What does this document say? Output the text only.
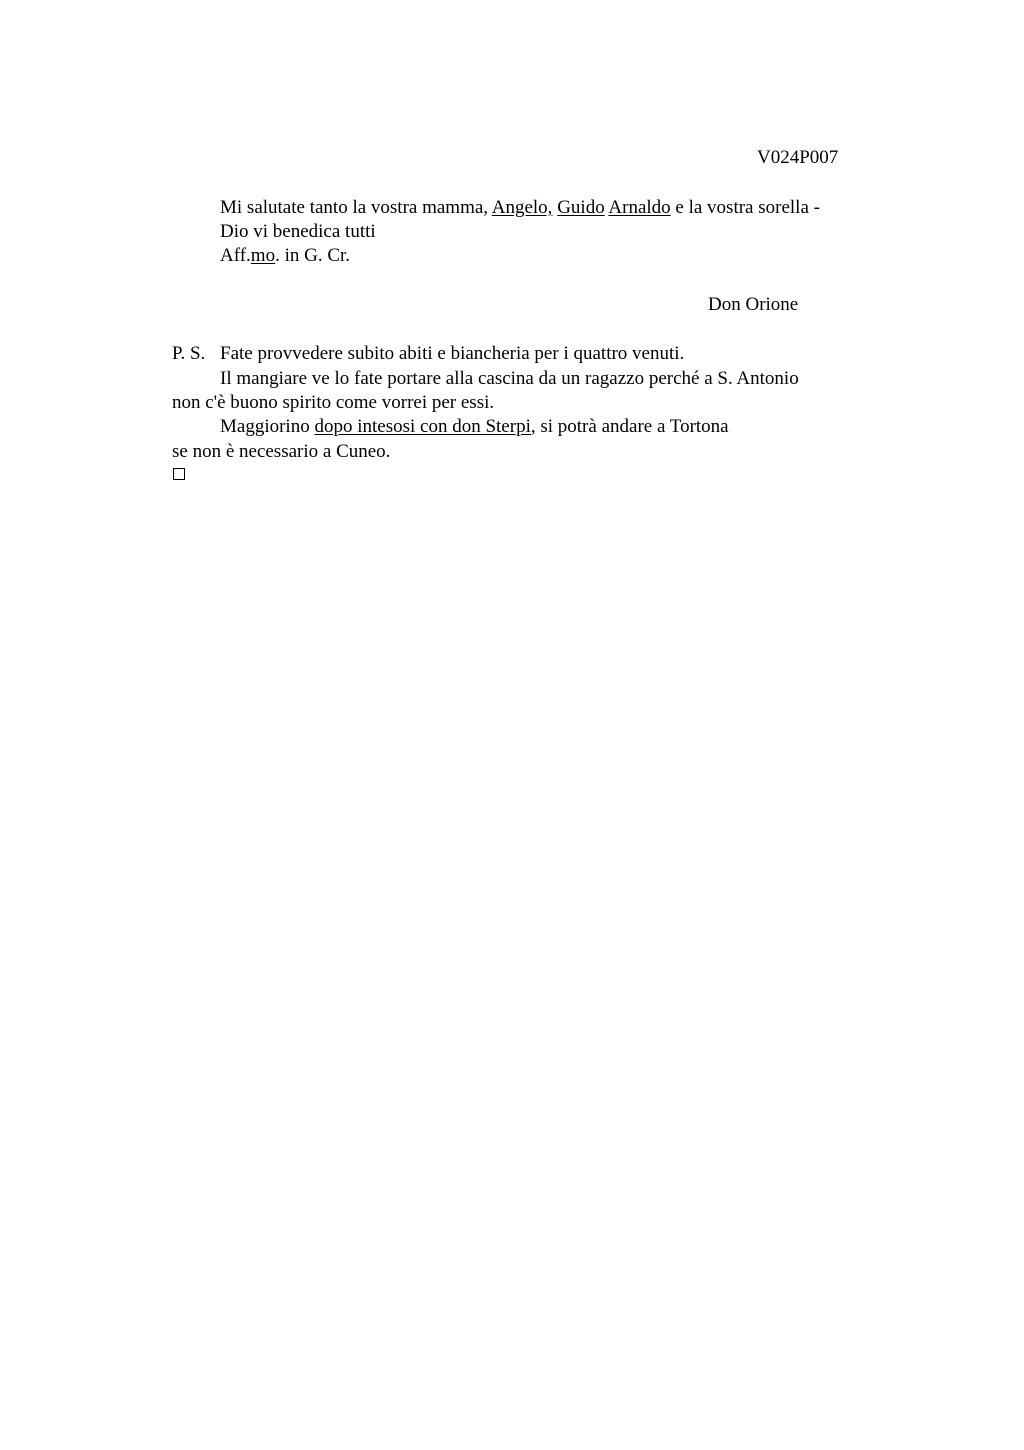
V024P007
Mi salutate tanto la vostra mamma, Angelo, Guido Arnaldo e la vostra sorella -
Dio vi benedica tutti
Aff.mo. in G. Cr.
Don Orione
P. S. Fate provvedere subito abiti e biancheria per i quattro venuti.
Il mangiare ve lo fate portare alla cascina da un ragazzo perché a S. Antonio
non c'è buono spirito come vorrei per essi.
Maggiorino dopo intesosi con don Sterpi, si potrà andare a Tortona
se non è necessario a Cuneo.
